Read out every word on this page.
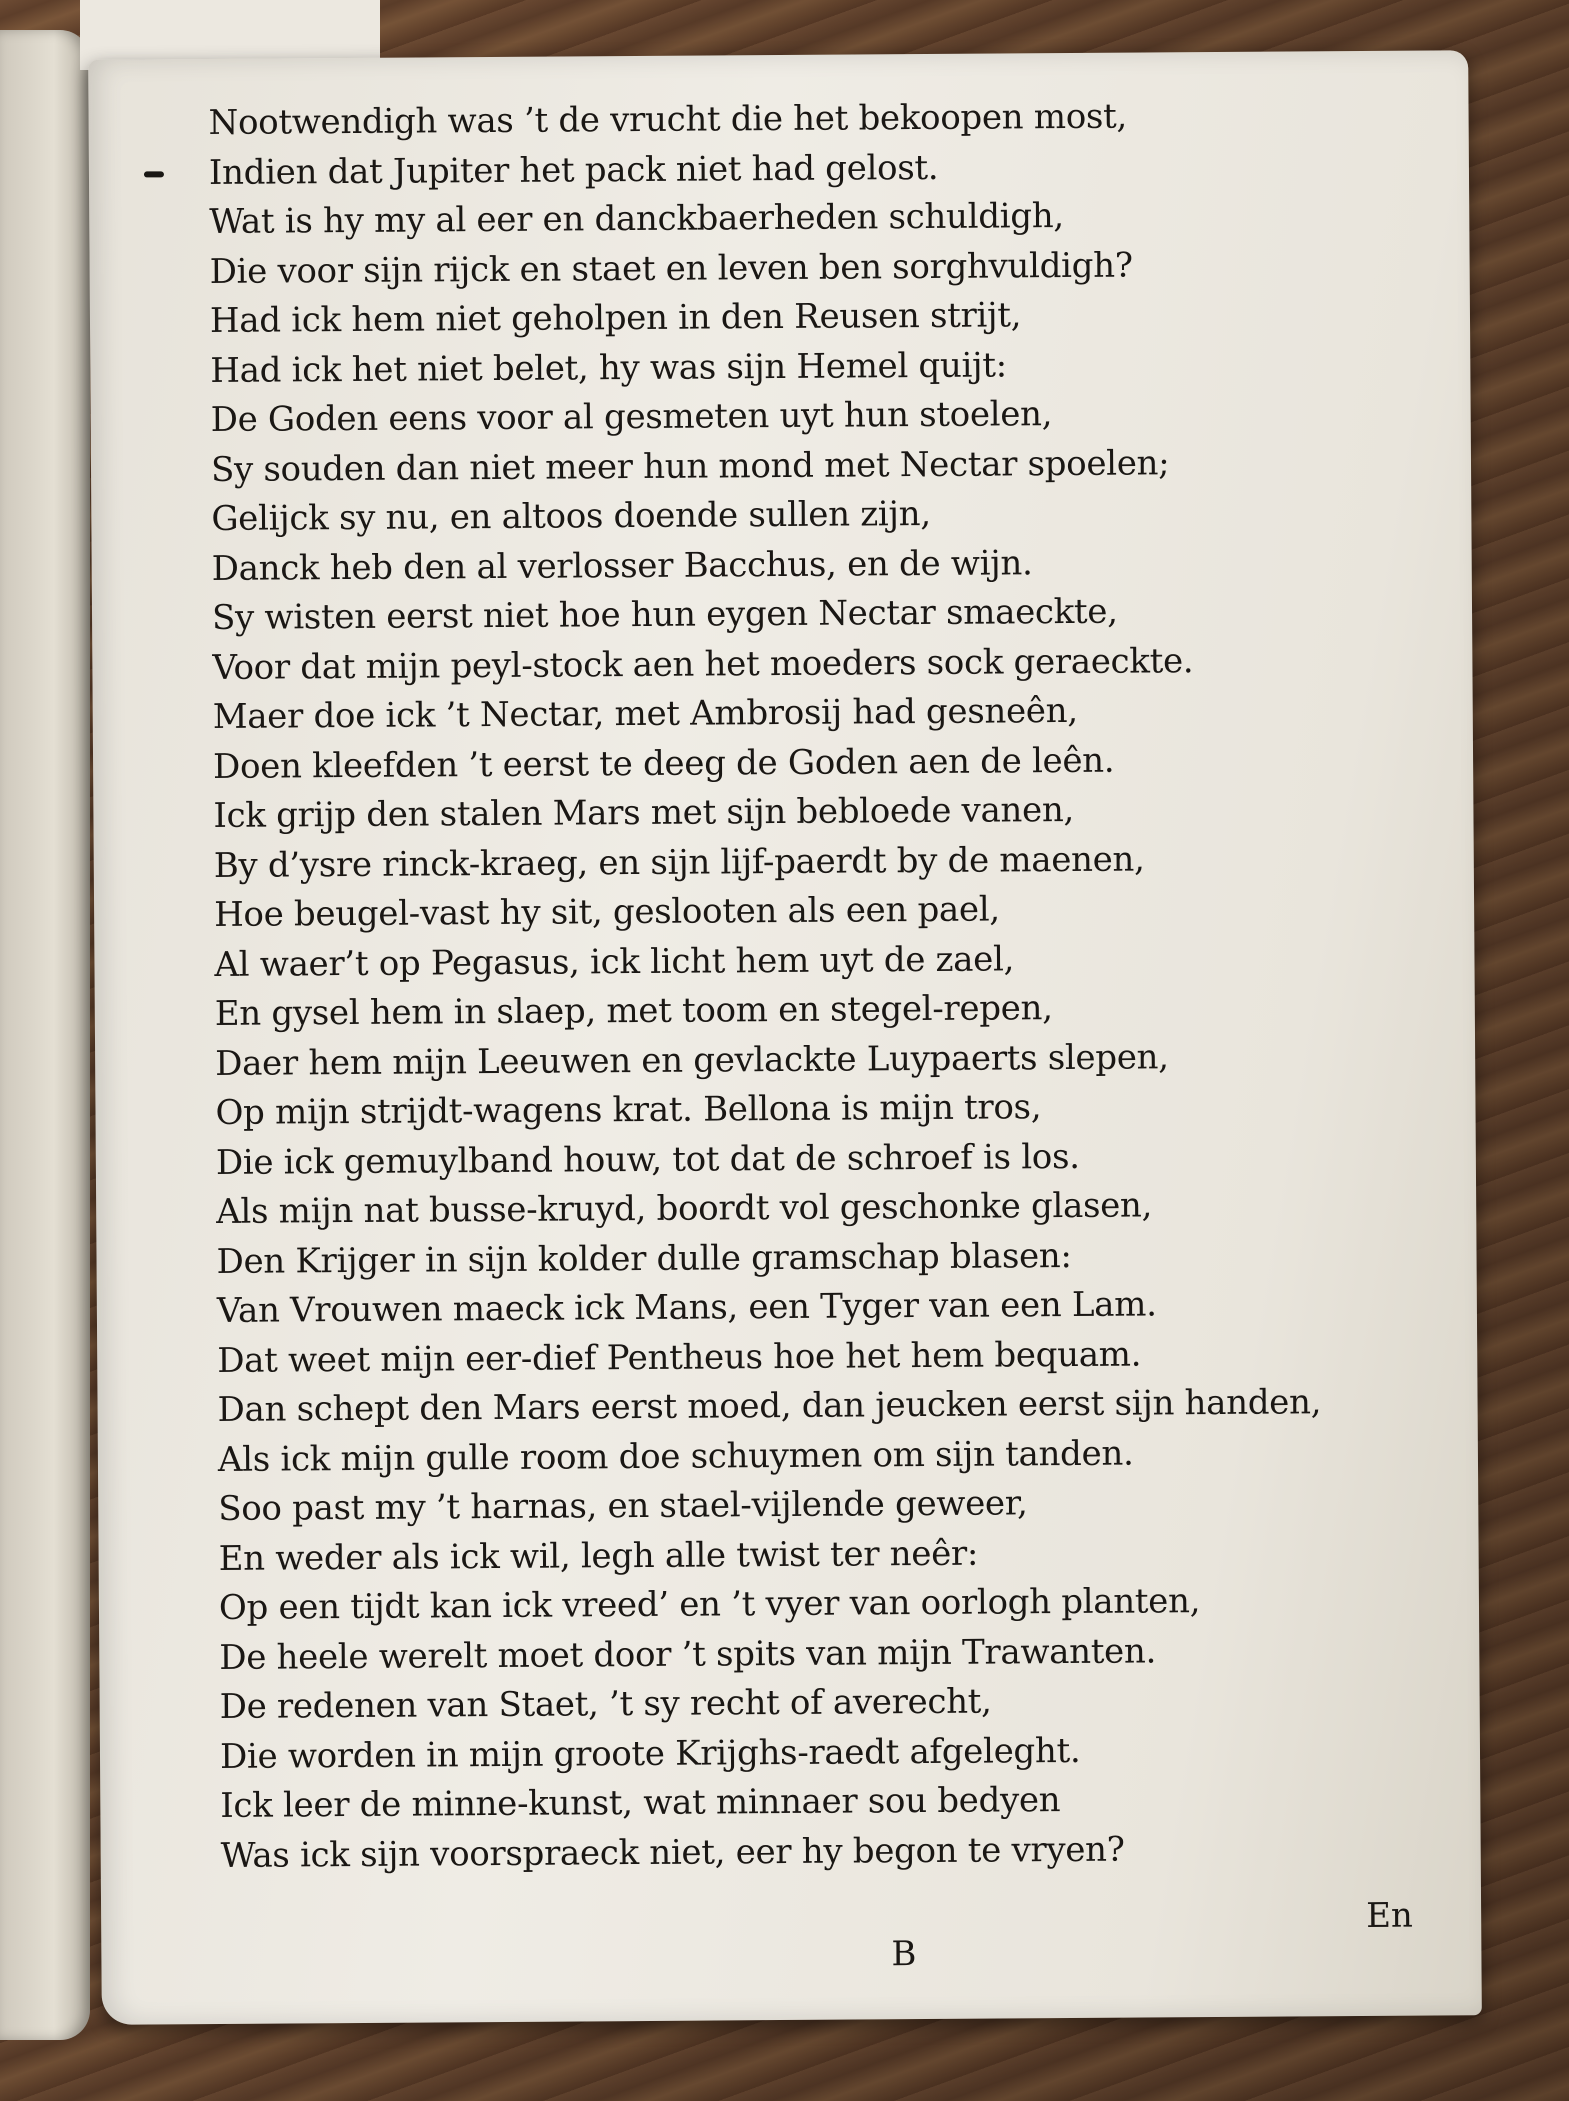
Nootwendigh was ’t de vrucht die het bekoopen most,
Indien dat Jupiter het pack niet had gelost.
Wat is hy my al eer en danckbaerheden schuldigh,
Die voor sijn rijck en staet en leven ben sorghvuldigh?
Had ick hem niet geholpen in den Reusen strijt,
Had ick het niet belet, hy was sijn Hemel quijt:
De Goden eens voor al gesmeten uyt hun stoelen,
Sy souden dan niet meer hun mond met Nectar spoelen;
Gelijck sy nu, en altoos doende sullen zijn,
Danck heb den al verlosser Bacchus, en de wijn.
Sy wisten eerst niet hoe hun eygen Nectar smaeckte,
Voor dat mijn peyl-stock aen het moeders sock geraeckte.
Maer doe ick ’t Nectar, met Ambrosij had gesneên,
Doen kleefden ’t eerst te deeg de Goden aen de leên.
Ick grijp den stalen Mars met sijn bebloede vanen,
By d’ysre rinck-kraeg, en sijn lijf-paerdt by de maenen,
Hoe beugel-vast hy sit, geslooten als een pael,
Al waer’t op Pegasus, ick licht hem uyt de zael,
En gysel hem in slaep, met toom en stegel-repen,
Daer hem mijn Leeuwen en gevlackte Luypaerts slepen,
Op mijn strijdt-wagens krat. Bellona is mijn tros,
Die ick gemuylband houw, tot dat de schroef is los.
Als mijn nat busse-kruyd, boordt vol geschonke glasen,
Den Krijger in sijn kolder dulle gramschap blasen:
Van Vrouwen maeck ick Mans, een Tyger van een Lam.
Dat weet mijn eer-dief Pentheus hoe het hem bequam.
Dan schept den Mars eerst moed, dan jeucken eerst sijn handen,
Als ick mijn gulle room doe schuymen om sijn tanden.
Soo past my ’t harnas, en stael-vijlende geweer,
En weder als ick wil, legh alle twist ter neêr:
Op een tijdt kan ick vreed’ en ’t vyer van oorlogh planten,
De heele werelt moet door ’t spits van mijn Trawanten.
De redenen van Staet, ’t sy recht of averecht,
Die worden in mijn groote Krijghs-raedt afgeleght.
Ick leer de minne-kunst, wat minnaer sou bedyen
Was ick sijn voorspraeck niet, eer hy begon te vryen?
B
En
